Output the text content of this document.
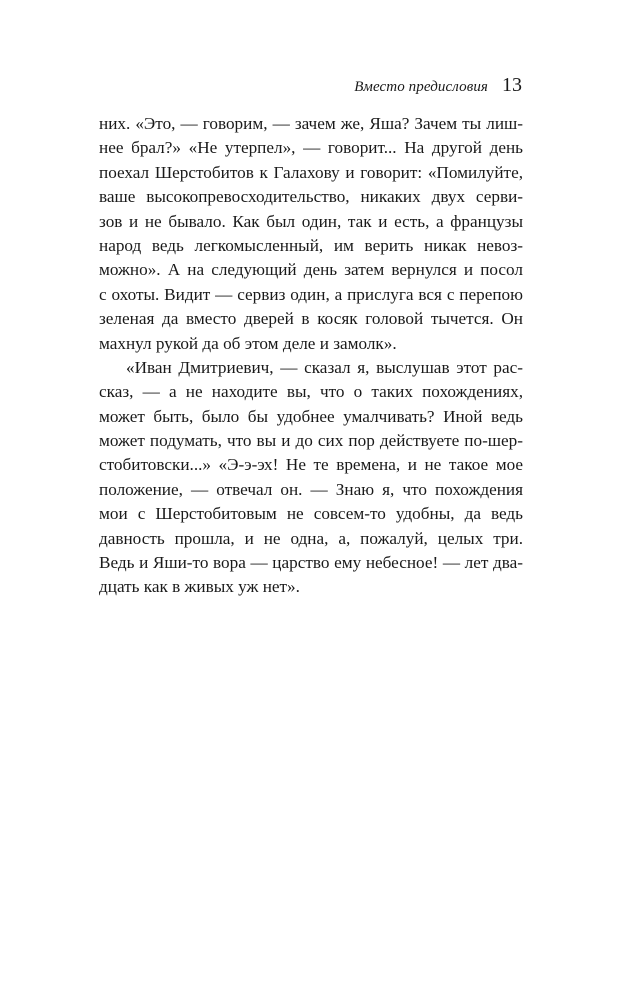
Вместо предисловия 13
них. «Это, — говорим, — зачем же, Яша? Зачем ты лиш-
нее брал?» «Не утерпел», — говорит... На другой день
поехал Шерстобитов к Галахову и говорит: «Помилуйте,
ваше высокопревосходительство, никаких двух серви-
зов и не бывало. Как был один, так и есть, а французы
народ ведь легкомысленный, им верить никак невоз-
можно». А на следующий день затем вернулся и посол
с охоты. Видит — сервиз один, а прислуга вся с перепою
зеленая да вместо дверей в косяк головой тычется. Он
махнул рукой да об этом деле и замолк».
«Иван Дмитриевич, — сказал я, выслушав этот рас-
сказ, — а не находите вы, что о таких похождениях,
может быть, было бы удобнее умалчивать? Иной ведь
может подумать, что вы и до сих пор действуете по-шер-
стобитовски...» «Э-э-эх! Не те времена, и не такое мое
положение, — отвечал он. — Знаю я, что похождения
мои с Шерстобитовым не совсем-то удобны, да ведь
давность прошла, и не одна, а, пожалуй, целых три.
Ведь и Яши-то вора — царство ему небесное! — лет два-
дцать как в живых уж нет».
